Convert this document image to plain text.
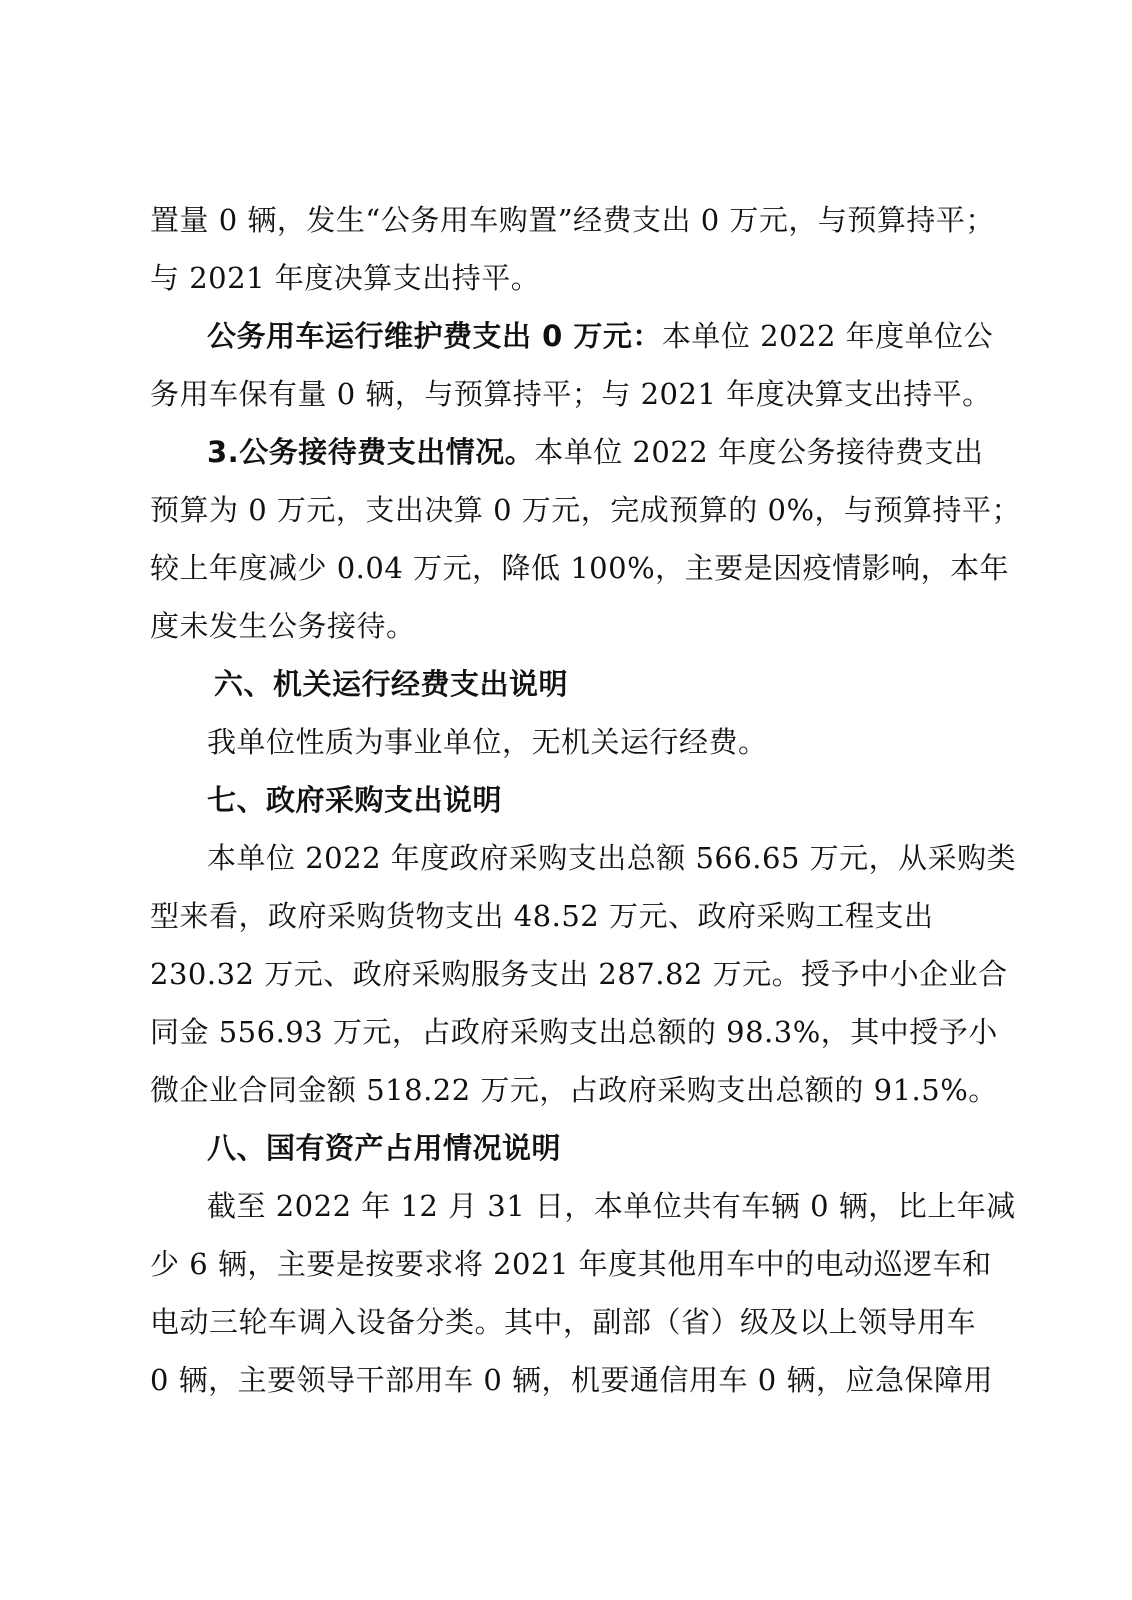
置量 0 辆，发生“公务用车购置”经费支出 0 万元，与预算持平；
与 2021 年度决算支出持平。
公务用车运行维护费支出 0 万元：本单位 2022 年度单位公
务用车保有量 0 辆，与预算持平；与 2021 年度决算支出持平。
3.公务接待费支出情况。本单位 2022 年度公务接待费支出
预算为 0 万元，支出决算 0 万元，完成预算的 0%，与预算持平；
较上年度减少 0.04 万元，降低 100%，主要是因疫情影响，本年
度未发生公务接待。
六、机关运行经费支出说明
我单位性质为事业单位，无机关运行经费。
七、政府采购支出说明
本单位 2022 年度政府采购支出总额 566.65 万元，从采购类
型来看，政府采购货物支出 48.52 万元、政府采购工程支出
230.32 万元、政府采购服务支出 287.82 万元。授予中小企业合
同金 556.93 万元，占政府采购支出总额的 98.3%，其中授予小
微企业合同金额 518.22 万元，占政府采购支出总额的 91.5%。
八、国有资产占用情况说明
截至 2022 年 12 月 31 日，本单位共有车辆 0 辆，比上年减
少 6 辆，主要是按要求将 2021 年度其他用车中的电动巡逻车和
电动三轮车调入设备分类。其中，副部（省）级及以上领导用车
0 辆，主要领导干部用车 0 辆，机要通信用车 0 辆，应急保障用
